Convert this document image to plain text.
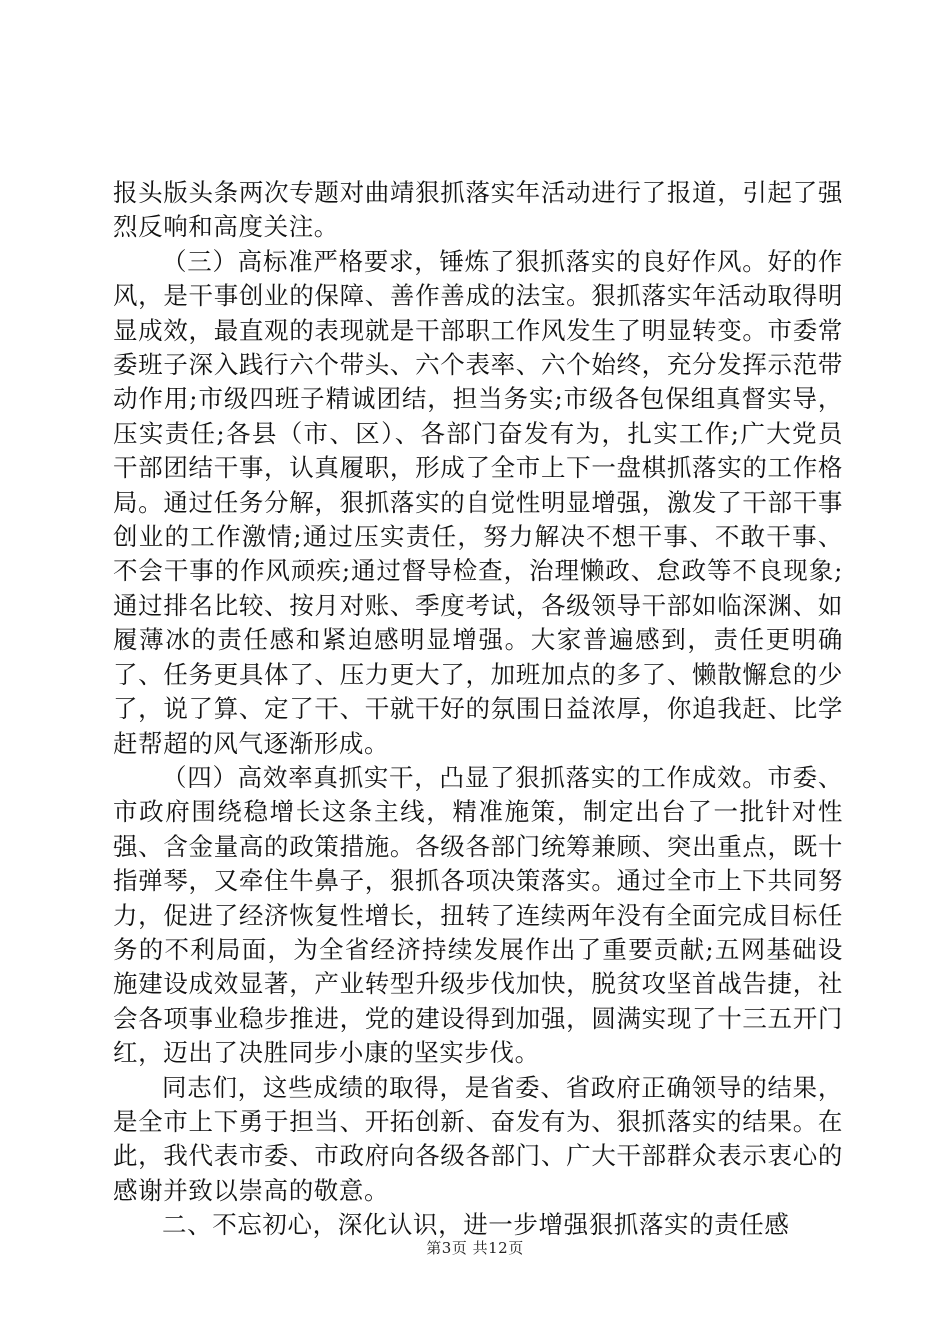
报头版头条两次专题对曲靖狠抓落实年活动进行了报道，引起了强烈反响和高度关注。

（三）高标准严格要求，锤炼了狠抓落实的良好作风。好的作风，是干事创业的保障、善作善成的法宝。狠抓落实年活动取得明显成效，最直观的表现就是干部职工作风发生了明显转变。市委常委班子深入践行六个带头、六个表率、六个始终，充分发挥示范带动作用;市级四班子精诚团结，担当务实;市级各包保组真督实导，压实责任;各县（市、区）、各部门奋发有为，扎实工作;广大党员干部团结干事，认真履职，形成了全市上下一盘棋抓落实的工作格局。通过任务分解，狠抓落实的自觉性明显增强，激发了干部干事创业的工作激情;通过压实责任，努力解决不想干事、不敢干事、不会干事的作风顽疾;通过督导检查，治理懒政、怠政等不良现象;通过排名比较、按月对账、季度考试，各级领导干部如临深渊、如履薄冰的责任感和紧迫感明显增强。大家普遍感到，责任更明确了、任务更具体了、压力更大了，加班加点的多了、懒散懈怠的少了，说了算、定了干、干就干好的氛围日益浓厚，你追我赶、比学赶帮超的风气逐渐形成。

（四）高效率真抓实干，凸显了狠抓落实的工作成效。市委、市政府围绕稳增长这条主线，精准施策，制定出台了一批针对性强、含金量高的政策措施。各级各部门统筹兼顾、突出重点，既十指弹琴，又牵住牛鼻子，狠抓各项决策落实。通过全市上下共同努力，促进了经济恢复性增长，扭转了连续两年没有全面完成目标任务的不利局面，为全省经济持续发展作出了重要贡献;五网基础设施建设成效显著，产业转型升级步伐加快，脱贫攻坚首战告捷，社会各项事业稳步推进，党的建设得到加强，圆满实现了十三五开门红，迈出了决胜同步小康的坚实步伐。

同志们，这些成绩的取得，是省委、省政府正确领导的结果，是全市上下勇于担当、开拓创新、奋发有为、狠抓落实的结果。在此，我代表市委、市政府向各级各部门、广大干部群众表示衷心的感谢并致以崇高的敬意。

二、不忘初心，深化认识，进一步增强狠抓落实的责任感

第3页 共12页
